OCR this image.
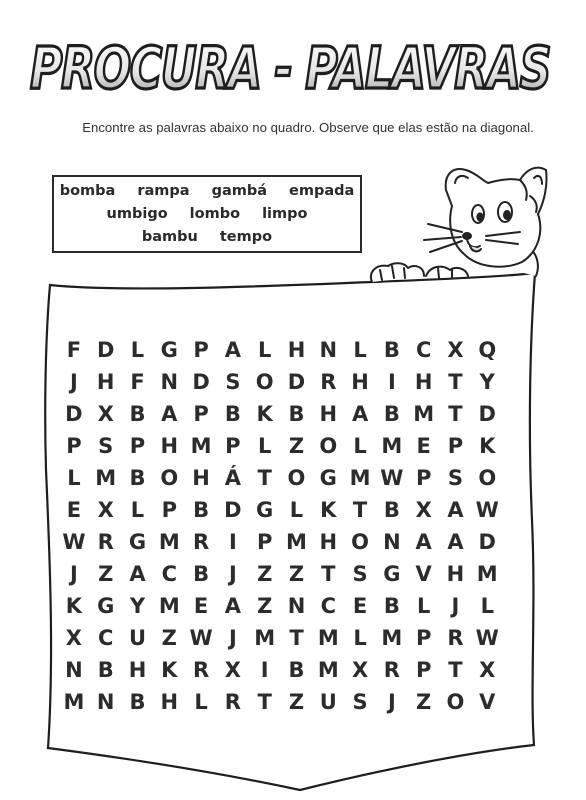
PROCURA - PALAVRAS
Encontre as palavras abaixo no quadro. Observe que elas estão na diagonal.
bomba rampa gambá empada
umbigo lombo limpo
bambu tempo
F D L G P A L H N L B C X Q
J H F N D S O D R H I H T Y
D X B A P B K B H A B M T D
P S P H M P L Z O L M E P K
L M B O H Á T O G M W P S O
E X L P B D G L K T B X A W
W R G M R I P M H O N A A D
J Z A C B J Z Z T S G V H M
K G Y M E A Z N C E B L	J	L
X C U Z W J M T M L M P R W
N B H K R X I B M X R P T X
M N B H L R T Z U S J Z O V
